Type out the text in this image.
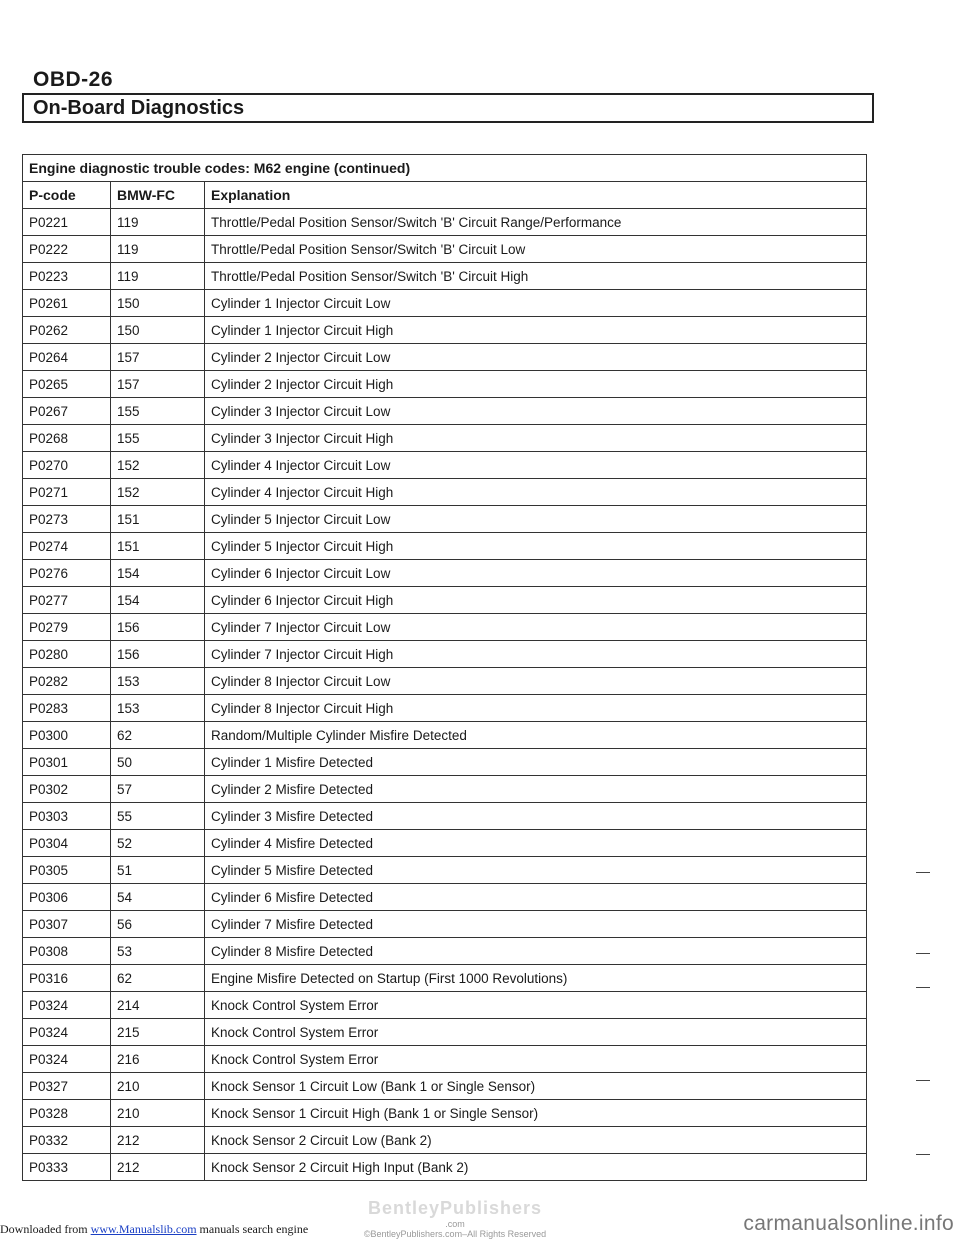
OBD-26
On-Board Diagnostics
Engine diagnostic trouble codes: M62 engine (continued)		
P-code	BMW-FC	Explanation
P0221	119	Throttle/Pedal Position Sensor/Switch 'B' Circuit Range/Performance
P0222	119	Throttle/Pedal Position Sensor/Switch 'B' Circuit Low
P0223	119	Throttle/Pedal Position Sensor/Switch 'B' Circuit High
P0261	150	Cylinder 1 Injector Circuit Low
P0262	150	Cylinder 1 Injector Circuit High
P0264	157	Cylinder 2 Injector Circuit Low
P0265	157	Cylinder 2 Injector Circuit High
P0267	155	Cylinder 3 Injector Circuit Low
P0268	155	Cylinder 3 Injector Circuit High
P0270	152	Cylinder 4 Injector Circuit Low
P0271	152	Cylinder 4 Injector Circuit High
P0273	151	Cylinder 5 Injector Circuit Low
P0274	151	Cylinder 5 Injector Circuit High
P0276	154	Cylinder 6 Injector Circuit Low
P0277	154	Cylinder 6 Injector Circuit High
P0279	156	Cylinder 7 Injector Circuit Low
P0280	156	Cylinder 7 Injector Circuit High
P0282	153	Cylinder 8 Injector Circuit Low
P0283	153	Cylinder 8 Injector Circuit High
P0300	62	Random/Multiple Cylinder Misfire Detected
P0301	50	Cylinder 1 Misfire Detected
P0302	57	Cylinder 2 Misfire Detected
P0303	55	Cylinder 3 Misfire Detected
P0304	52	Cylinder 4 Misfire Detected
P0305	51	Cylinder 5 Misfire Detected
P0306	54	Cylinder 6 Misfire Detected
P0307	56	Cylinder 7 Misfire Detected
P0308	53	Cylinder 8 Misfire Detected
P0316	62	Engine Misfire Detected on Startup (First 1000 Revolutions)
P0324	214	Knock Control System Error
P0324	215	Knock Control System Error
P0324	216	Knock Control System Error
P0327	210	Knock Sensor 1 Circuit Low (Bank 1 or Single Sensor)
P0328	210	Knock Sensor 1 Circuit High (Bank 1 or Single Sensor)
P0332	212	Knock Sensor 2 Circuit Low (Bank 2)
P0333	212	Knock Sensor 2 Circuit High Input (Bank 2)
BentleyPublishers
.com
©BentleyPublishers.com–All Rights Reserved
Downloaded from www.Manualslib.com manuals search engine	carmanualsonline.info
